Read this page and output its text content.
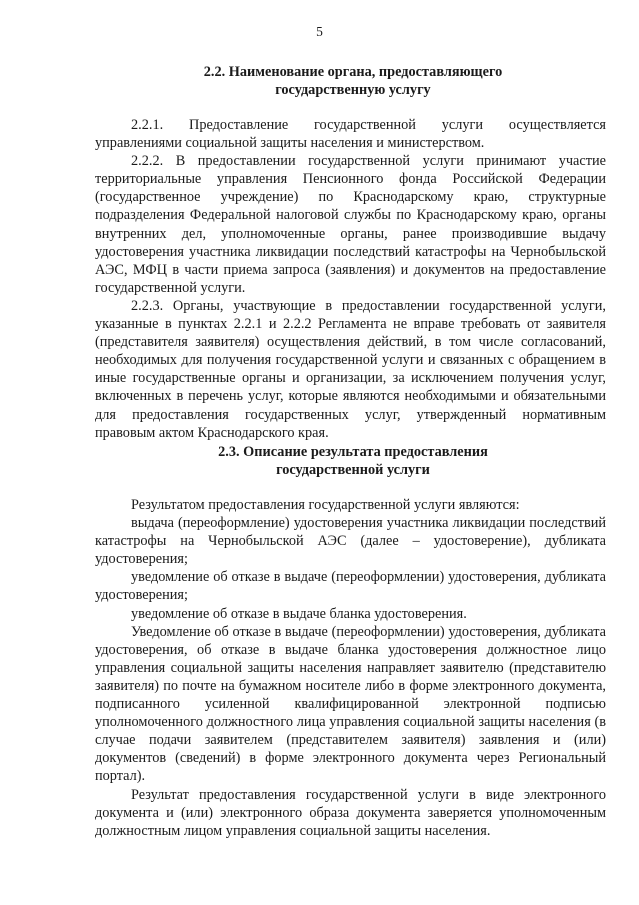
5
2.2. Наименование органа, предоставляющего
государственную услугу

2.2.1. Предоставление государственной услуги осуществляется управлениями социальной защиты населения и министерством.

2.2.2. В предоставлении государственной услуги принимают участие территориальные управления Пенсионного фонда Российской Федерации (государственное учреждение) по Краснодарскому краю, структурные подразделения Федеральной налоговой службы по Краснодарскому краю, органы внутренних дел, уполномоченные органы, ранее производившие выдачу удостоверения участника ликвидации последствий катастрофы на Чернобыльской АЭС, МФЦ в части приема запроса (заявления) и документов на предоставление государственной услуги.

2.2.3. Органы, участвующие в предоставлении государственной услуги, указанные в пунктах 2.2.1 и 2.2.2 Регламента не вправе требовать от заявителя (представителя заявителя) осуществления действий, в том числе согласований, необходимых для получения государственной услуги и связанных с обращением в иные государственные органы и организации, за исключением получения услуг, включенных в перечень услуг, которые являются необходимыми и обязательными для предоставления государственных услуг, утвержденный нормативным правовым актом Краснодарского края.

2.3. Описание результата предоставления
государственной услуги

Результатом предоставления государственной услуги являются:

выдача (переоформление) удостоверения участника ликвидации последствий катастрофы на Чернобыльской АЭС (далее – удостоверение), дубликата удостоверения;

уведомление об отказе в выдаче (переоформлении) удостоверения, дубликата удостоверения;

уведомление об отказе в выдаче бланка удостоверения.

Уведомление об отказе в выдаче (переоформлении) удостоверения, дубликата удостоверения, об отказе в выдаче бланка удостоверения должностное лицо управления социальной защиты населения направляет заявителю (представителю заявителя) по почте на бумажном носителе либо в форме электронного документа, подписанного усиленной квалифицированной электронной подписью уполномоченного должностного лица управления социальной защиты населения (в случае подачи заявителем (представителем заявителя) заявления и (или) документов (сведений) в форме электронного документа через Региональный портал).

Результат предоставления государственной услуги в виде электронного документа и (или) электронного образа документа заверяется уполномоченным должностным лицом управления социальной защиты населения.
